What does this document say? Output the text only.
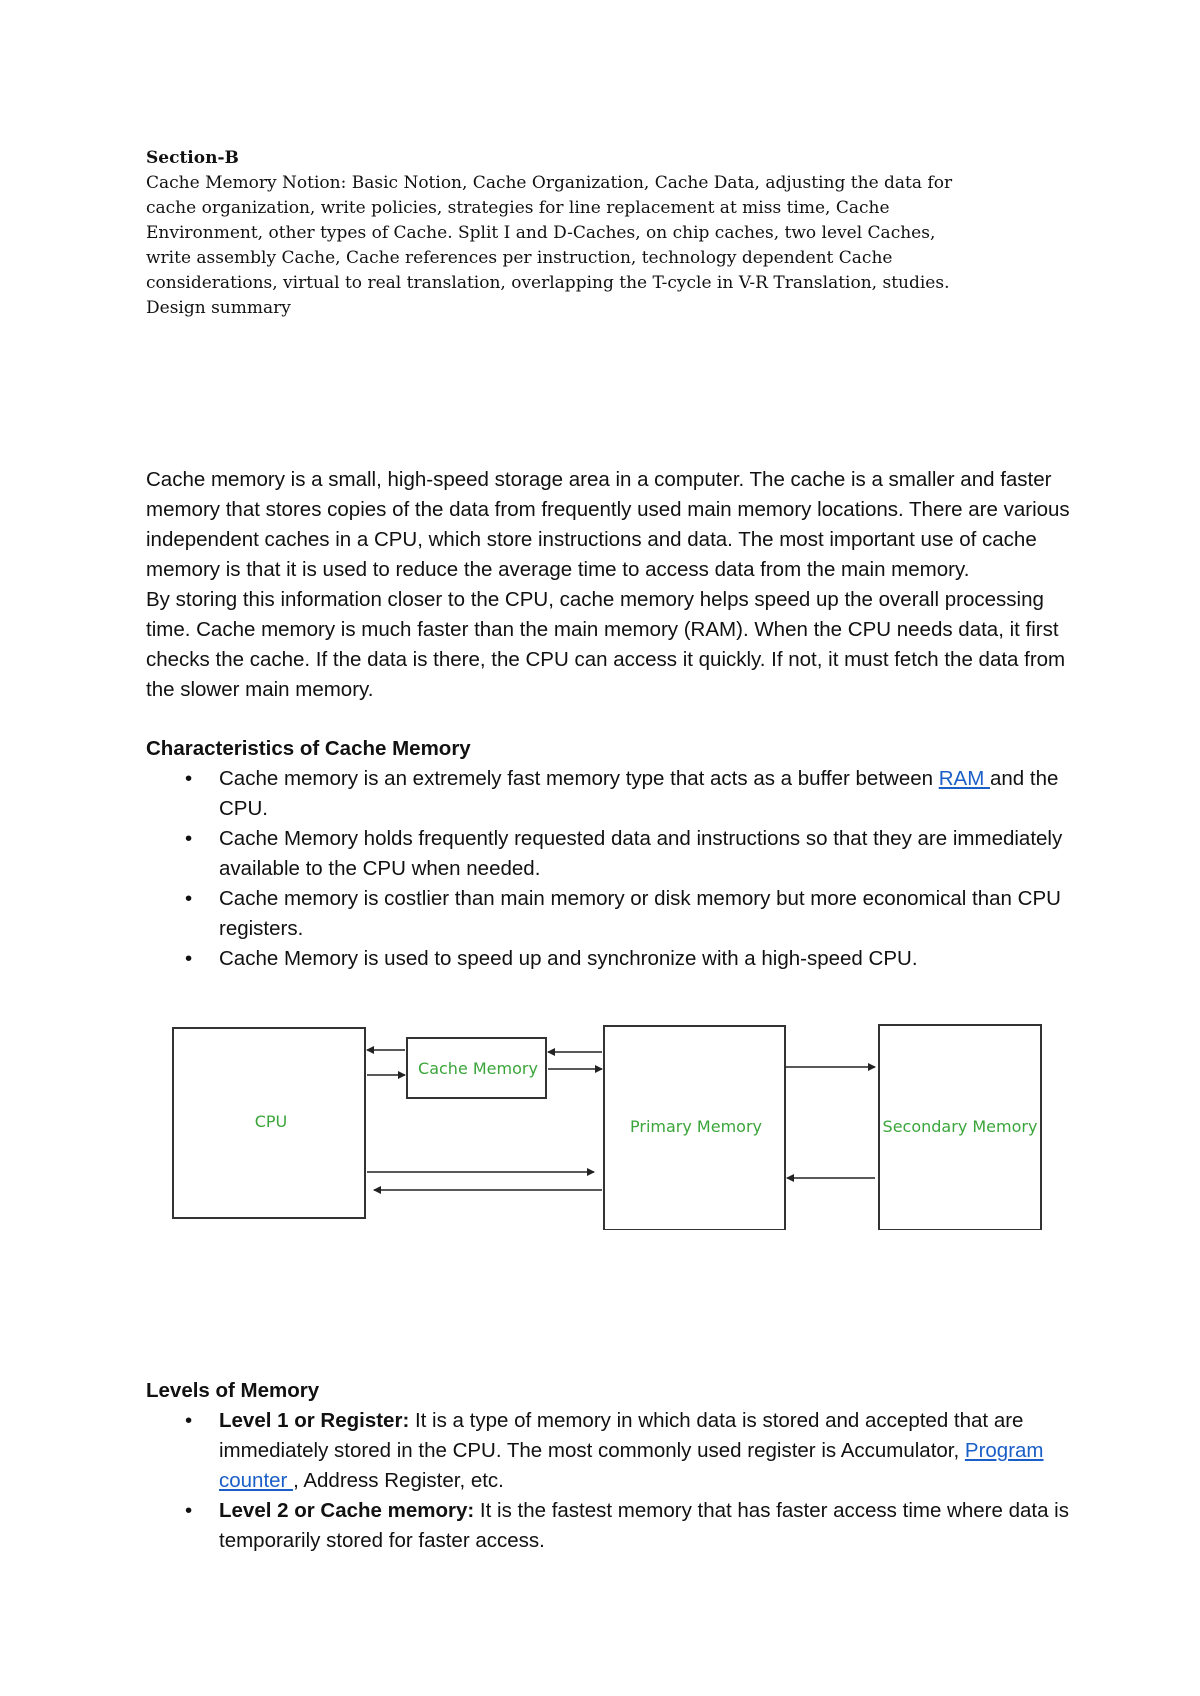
Section-B
Cache Memory Notion: Basic Notion, Cache Organization, Cache Data, adjusting the data for
cache organization, write policies, strategies for line replacement at miss time, Cache
Environment, other types of Cache. Split I and D-Caches, on chip caches, two level Caches,
write assembly Cache, Cache references per instruction, technology dependent Cache
considerations, virtual to real translation, overlapping the T-cycle in V-R Translation, studies.
Design summary

Cache memory is a small, high-speed storage area in a computer. The cache is a smaller and faster memory that stores copies of the data from frequently used main memory locations. There are various independent caches in a CPU, which store instructions and data. The most important use of cache memory is that it is used to reduce the average time to access data from the main memory.

By storing this information closer to the CPU, cache memory helps speed up the overall processing time. Cache memory is much faster than the main memory (RAM). When the CPU needs data, it first checks the cache. If the data is there, the CPU can access it quickly. If not, it must fetch the data from the slower main memory.

Characteristics of Cache Memory
• Cache memory is an extremely fast memory type that acts as a buffer between RAM and the CPU.
• Cache Memory holds frequently requested data and instructions so that they are immediately available to the CPU when needed.
• Cache memory is costlier than main memory or disk memory but more economical than CPU registers.
• Cache Memory is used to speed up and synchronize with a high-speed CPU.
CPU
Cache Memory
Primary Memory	Secondary Memory
Levels of Memory
• Level 1 or Register: It is a type of memory in which data is stored and accepted that are immediately stored in the CPU. The most commonly used register is Accumulator, Program counter , Address Register, etc.
• Level 2 or Cache memory: It is the fastest memory that has faster access time where data is temporarily stored for faster access.
